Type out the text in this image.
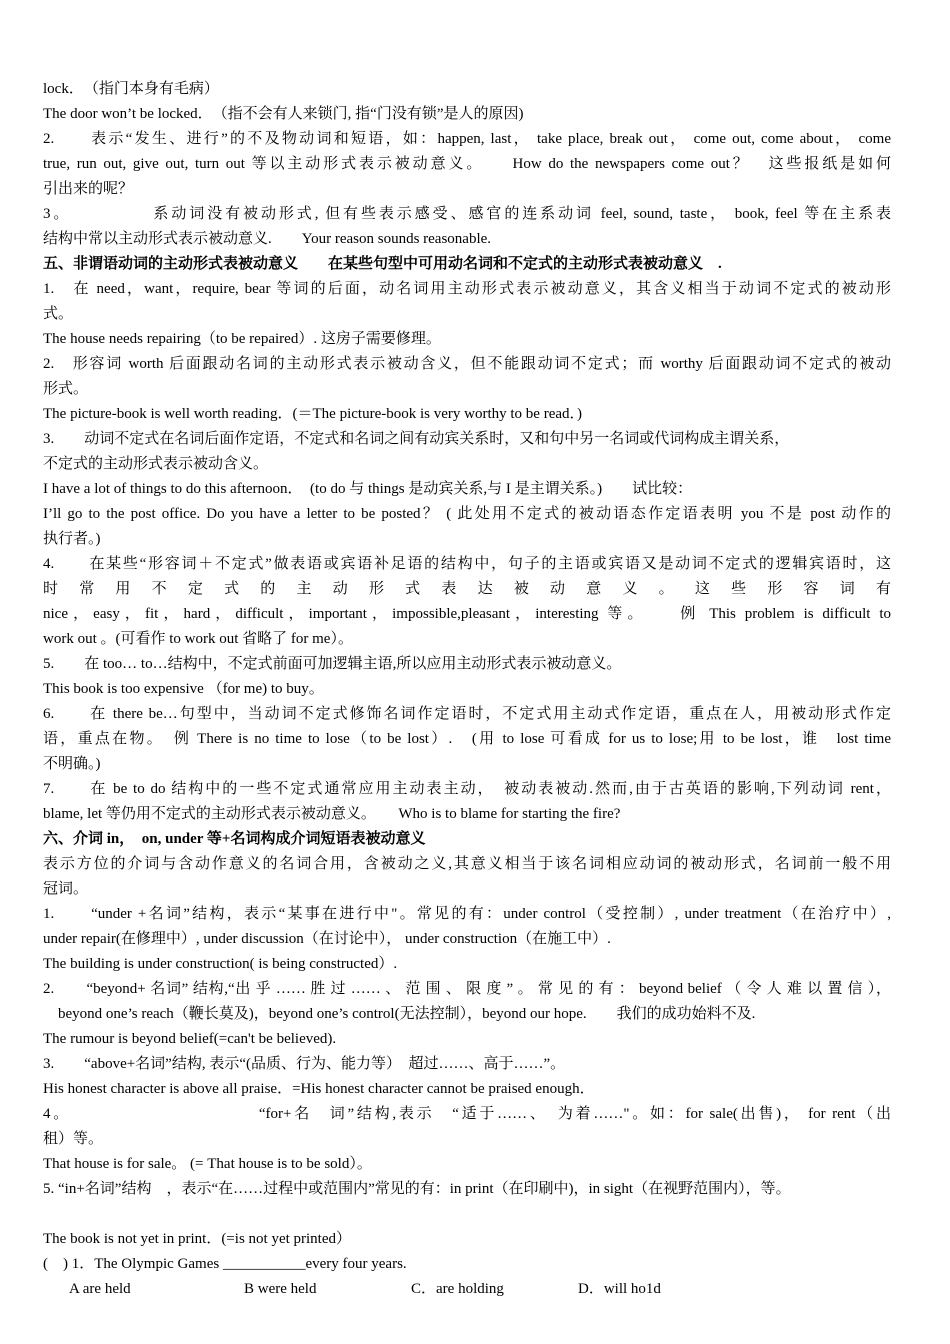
lock．　（指门本身有毛病）
The door won’t be locked．　（指不会有人来锁门, 指“门没有锁”是人的原因)
2.　　表示“发生、进行”的不及物动词和短语，如：happen, last， take place, break out， come out, come about， come
true, run out, give out, turn out 等以主动形式表示被动意义。　　How do the newspapers come out？　这些报纸是如何
引出来的呢？
3。　　　　　系动词没有被动形式, 但有些表示感受、感官的连系动词 feel, sound, taste， book, feel 等在主系表
结构中常以主动形式表示被动意义.　　Your reason sounds reasonable.
五、非谓语动词的主动形式表被动意义　　在某些句型中可用动名词和不定式的主动形式表被动意义　.
1.　在 need，want，require, bear 等词的后面，动名词用主动形式表示被动意义，其含义相当于动词不定式的被动形
式。
The house needs repairing（to be repaired）. 这房子需要修理。
2.　形容词 worth 后面跟动名词的主动形式表示被动含义，但不能跟动词不定式；而 worthy 后面跟动词不定式的被动
形式。
The picture-book is well worth reading．(＝The picture-book is very worthy to be read．)
3.　　动词不定式在名词后面作定语，不定式和名词之间有动宾关系时，又和句中另一名词或代词构成主谓关系，
不定式的主动形式表示被动含义。
I have a lot of things to do this afternoon．　(to do 与 things 是动宾关系,与 I 是主谓关系。)　　试比较：
I’ll go to the post office. Do you have a letter to be posted？ ( 此处用不定式的被动语态作定语表明 you 不是 post 动作的
执行者。)
4.　　在某些“形容词＋不定式”做表语或宾语补足语的结构中，句子的主语或宾语又是动词不定式的逻辑宾语时，这
时 常 用 不 定 式 的 主 动 形 式 表 达 被 动 意 义 。 这 些 形 容 词 有
nice，easy，fit，hard，difficult，important，impossible,pleasant，interesting 等。　　例 This problem is difficult to
work out 。(可看作 to work out 省略了 for me）。
5.　　在 too… to…结构中，不定式前面可加逻辑主语,所以应用主动形式表示被动意义。
This book is too expensive （for me) to buy。
6.　　在 there be…句型中，当动词不定式修饰名词作定语时，不定式用主动式作定语，重点在人，用被动形式作定
语，重点在物。　例 There is no time to lose（to be lost）.　(用 to lose 可看成 for us to lose;用 to be lost，谁　lost time
不明确。)
7.　　在 be to do 结构中的一些不定式通常应用主动表主动，　被动表被动.然而,由于古英语的影响,下列动词 rent，
blame, let 等仍用不定式的主动形式表示被动意义。　　Who is to blame for starting the fire?
六、介词 in，　on, under 等+名词构成介词短语表被动意义
表示方位的介词与含动作意义的名词合用，含被动之义,其意义相当于该名词相应动词的被动形式，名词前一般不用
冠词。
1.　　“under +名词”结构，表示“某事在进行中"。常见的有：under control（受控制）, under treatment（在治疗中）,
under repair(在修理中）, under discussion（在讨论中）， under construction（在施工中）.
The building is under construction( is being constructed）.
2.　　“beyond+ 名词” 结构,“出 乎 …… 胜 过 …… 、 范 围 、 限 度 ” 。 常 见 的 有 ： beyond belief （ 令 人 难 以 置 信 ），
　beyond one’s reach（鞭长莫及)，beyond one’s control(无法控制），beyond our hope.　　我们的成功始料不及.
The rumour is beyond belief(=can't be believed).
3.　　“above+名词”结构, 表示“(品质、行为、能力等）　超过……、高于……”。
His honest character is above all praise．=His honest character cannot be praised enough．
4。　　　　　　　　　　　“for+名　词”结构,表示　“适于……、　为着……"。如：for sale(出售)， for rent（出
租）等。
That house is for sale。 (= That house is to be sold）。
5. “in+名词”结构　，表示“在……过程中或范围内”常见的有：in print（在印刷中)，in sight（在视野范围内），等。
The book is not yet in print．(=is not yet printed）
(　) 1．The Olympic Games ___________every four years.
A are held	B were held	C．are holding	D．will ho1d
